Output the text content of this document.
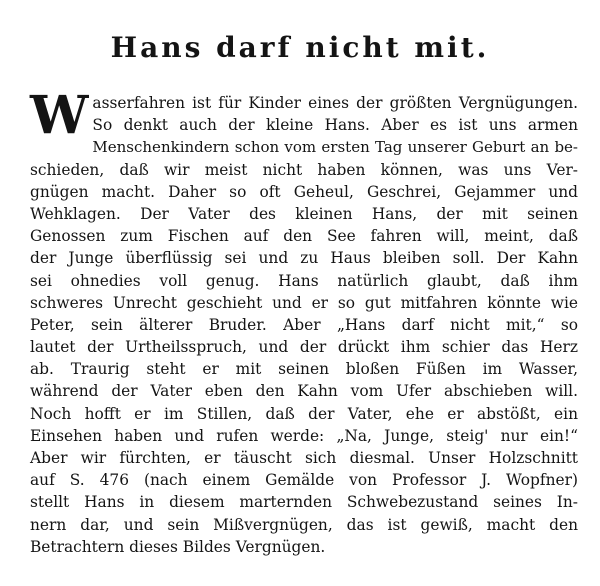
Hans darf nicht mit.
W asserfahren ist für Kinder eines der größten Vergnügungen.
So denkt auch der kleine Hans. Aber es ist uns armen
Menschenkindern schon vom ersten Tag unserer Geburt an be-
schieden, daß wir meist nicht haben können, was uns Ver-
gnügen macht. Daher so oft Geheul, Geschrei, Gejammer und
Wehklagen. Der Vater des kleinen Hans, der mit seinen
Genossen zum Fischen auf den See fahren will, meint, daß
der Junge überflüssig sei und zu Haus bleiben soll. Der Kahn
sei ohnedies voll genug. Hans natürlich glaubt, daß ihm
schweres Unrecht geschieht und er so gut mitfahren könnte wie
Peter, sein älterer Bruder. Aber „Hans darf nicht mit,“ so
lautet der Urtheilsspruch, und der drückt ihm schier das Herz
ab. Traurig steht er mit seinen bloßen Füßen im Wasser,
während der Vater eben den Kahn vom Ufer abschieben will.
Noch hofft er im Stillen, daß der Vater, ehe er abstößt, ein
Einsehen haben und rufen werde: „Na, Junge, steig' nur ein!“
Aber wir fürchten, er täuscht sich diesmal. Unser Holzschnitt
auf S. 476 (nach einem Gemälde von Professor J. Wopfner)
stellt Hans in diesem marternden Schwebezustand seines In-
nern dar, und sein Mißvergnügen, das ist gewiß, macht den
Betrachtern dieses Bildes Vergnügen.
